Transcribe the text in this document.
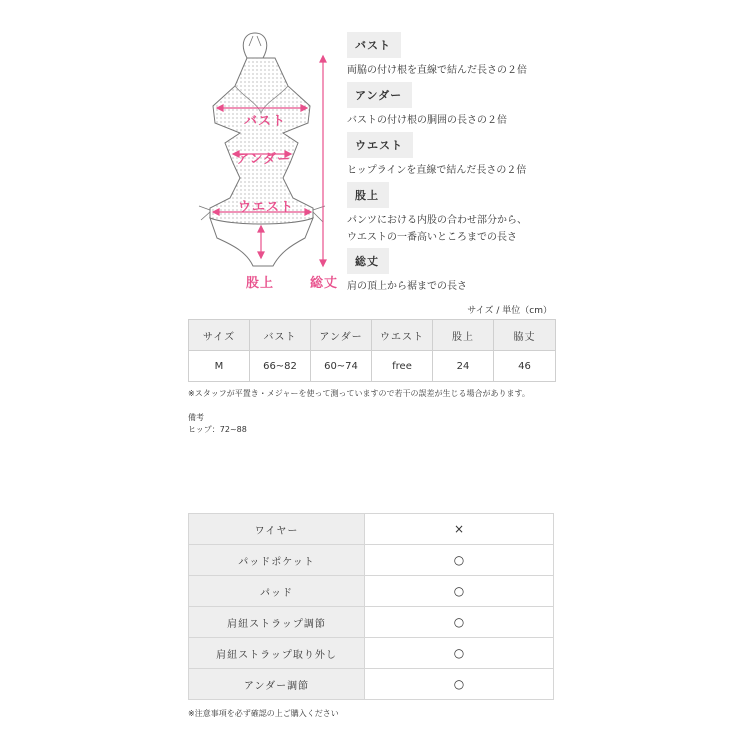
バスト
アンダー
ウエスト
股上	総丈
バスト
両脇の付け根を直線で結んだ長さの２倍
アンダー
バストの付け根の胴囲の長さの２倍
ウエスト
ヒップラインを直線で結んだ長さの２倍
股上
パンツにおける内股の合わせ部分から、
ウエストの一番高いところまでの長さ
総丈
肩の頂上から裾までの長さ
サイズ / 単位（cm）
サイズ	バスト	アンダー	ウエスト	股上	脇丈
M	66~82	60~74	free	24	46
※スタッフが平置き・メジャーを使って測っていますので若干の誤差が生じる場合があります。
備考
ヒップ：72~88
ワイヤー	×
パッドポケット	○
パッド	○
肩紐ストラップ調節	○
肩紐ストラップ取り外し	○
アンダー調節	○
※注意事項を必ず確認の上ご購入ください
